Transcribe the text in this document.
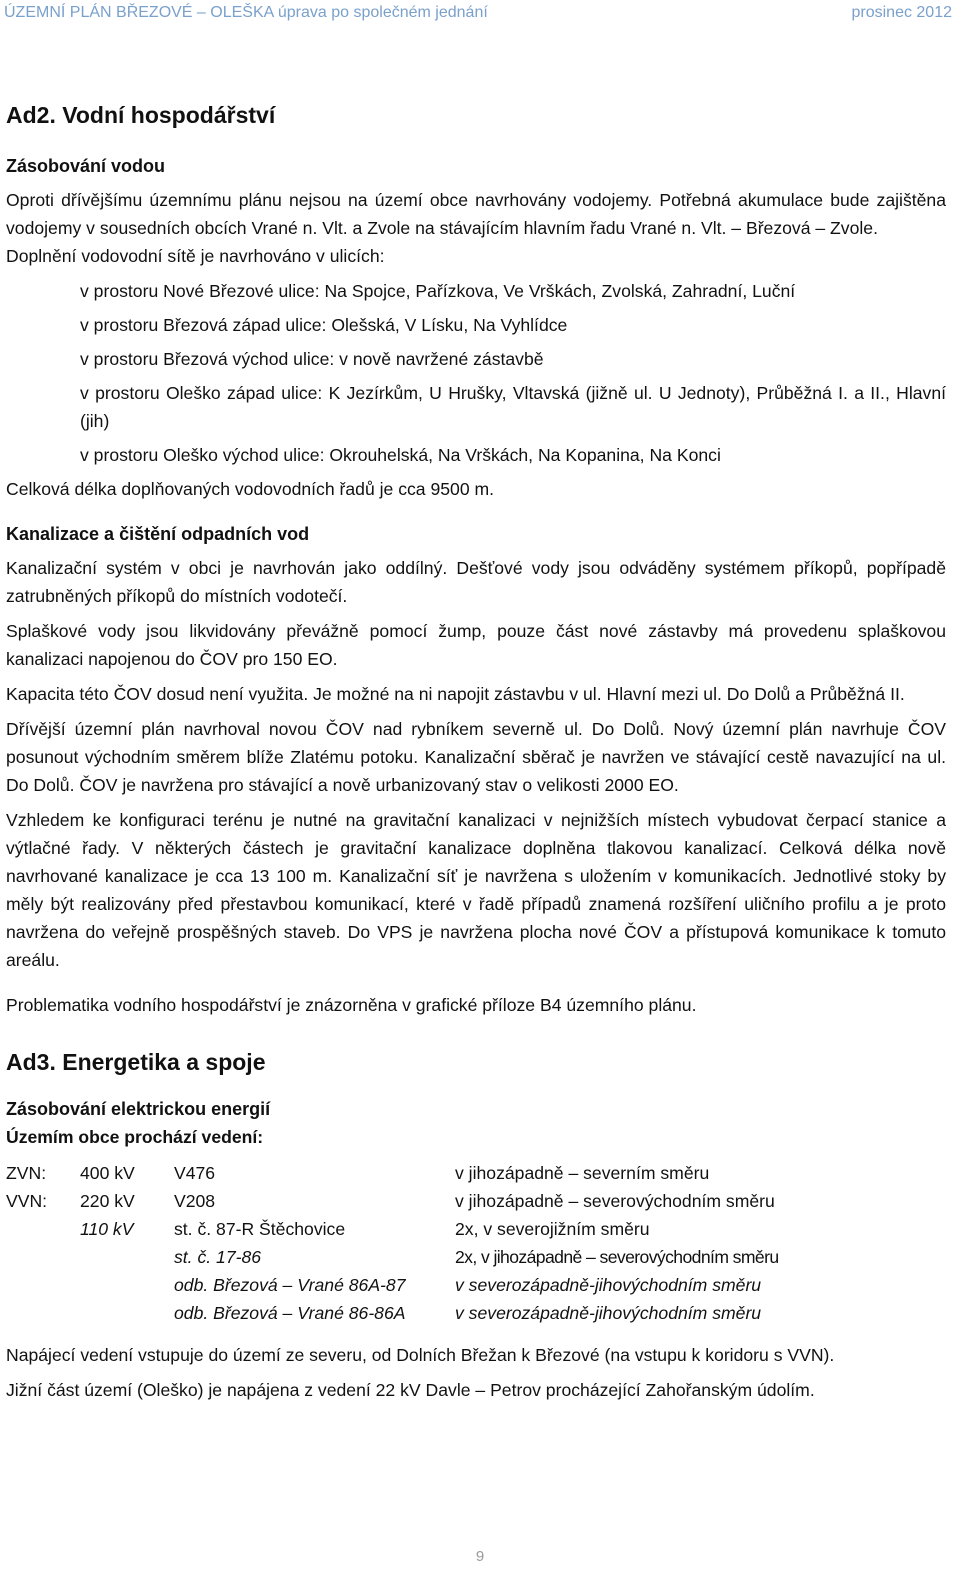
ÚZEMNÍ PLÁN BŘEZOVÉ – OLEŠKA úprava po společném jednání	prosinec 2012
Ad2. Vodní hospodářství
Zásobování vodou

Oproti dřívějšímu územnímu plánu nejsou na území obce navrhovány vodojemy. Potřebná akumulace bude zajištěna vodojemy v sousedních obcích Vrané n. Vlt. a Zvole na stávajícím hlavním řadu Vrané n. Vlt. – Březová – Zvole.

Doplnění vodovodní sítě je navrhováno v ulicích:

v prostoru Nové Březové ulice: Na Spojce, Pařízkova, Ve Vrškách, Zvolská, Zahradní, Luční

v prostoru Březová západ ulice: Olešská, V Lísku, Na Vyhlídce

v prostoru Březová východ ulice: v nově navržené zástavbě

v prostoru Oleško západ ulice: K Jezírkům, U Hrušky, Vltavská (jižně ul. U Jednoty), Průběžná I. a II., Hlavní (jih)

v prostoru Oleško východ ulice: Okrouhelská, Na Vrškách, Na Kopanina, Na Konci

Celková délka doplňovaných vodovodních řadů je cca 9500 m.

Kanalizace a čištění odpadních vod

Kanalizační systém v obci je navrhován jako oddílný. Dešťové vody jsou odváděny systémem příkopů, popřípadě zatrubněných příkopů do místních vodotečí.

Splaškové vody jsou likvidovány převážně pomocí žump, pouze část nové zástavby má provedenu splaškovou kanalizaci napojenou do ČOV pro 150 EO.

Kapacita této ČOV dosud není využita. Je možné na ni napojit zástavbu v ul. Hlavní mezi ul. Do Dolů a Průběžná II.

Dřívější územní plán navrhoval novou ČOV nad rybníkem severně ul. Do Dolů. Nový územní plán navrhuje ČOV posunout východním směrem blíže Zlatému potoku. Kanalizační sběrač je navržen ve stávající cestě navazující na ul. Do Dolů. ČOV je navržena pro stávající a nově urbanizovaný stav o velikosti 2000 EO.

Vzhledem ke konfiguraci terénu je nutné na gravitační kanalizaci v nejnižších místech vybudovat čerpací stanice a výtlačné řady. V některých částech je gravitační kanalizace doplněna tlakovou kanalizací. Celková délka nově navrhované kanalizace je cca 13 100 m. Kanalizační síť je navržena s uložením v komunikacích. Jednotlivé stoky by měly být realizovány před přestavbou komunikací, které v řadě případů znamená rozšíření uličního profilu a je proto navržena do veřejně prospěšných staveb. Do VPS je navržena plocha nové ČOV a přístupová komunikace k tomuto areálu.

Problematika vodního hospodářství je znázorněna v grafické příloze B4 územního plánu.

Ad3. Energetika a spoje
Zásobování elektrickou energií
Územím obce prochází vedení:
ZVN: 400 kV V476	v jihozápadně – severním směru
VVN: 220 kV V208	v jihozápadně – severovýchodním směru
110 kV st. č. 87-R Štěchovice	2x, v severojižním směru
st. č. 17-86	2x, v jihozápadně – severovýchodním směru
odb. Březová – Vrané 86A-87	v severozápadně-jihovýchodním směru
odb. Březová – Vrané 86-86A	v severozápadně-jihovýchodním směru

Napájecí vedení vstupuje do území ze severu, od Dolních Břežan k Březové (na vstupu k koridoru s VVN).

Jižní část území (Oleško) je napájena z vedení 22 kV Davle – Petrov procházející Zahořanským údolím.

9
